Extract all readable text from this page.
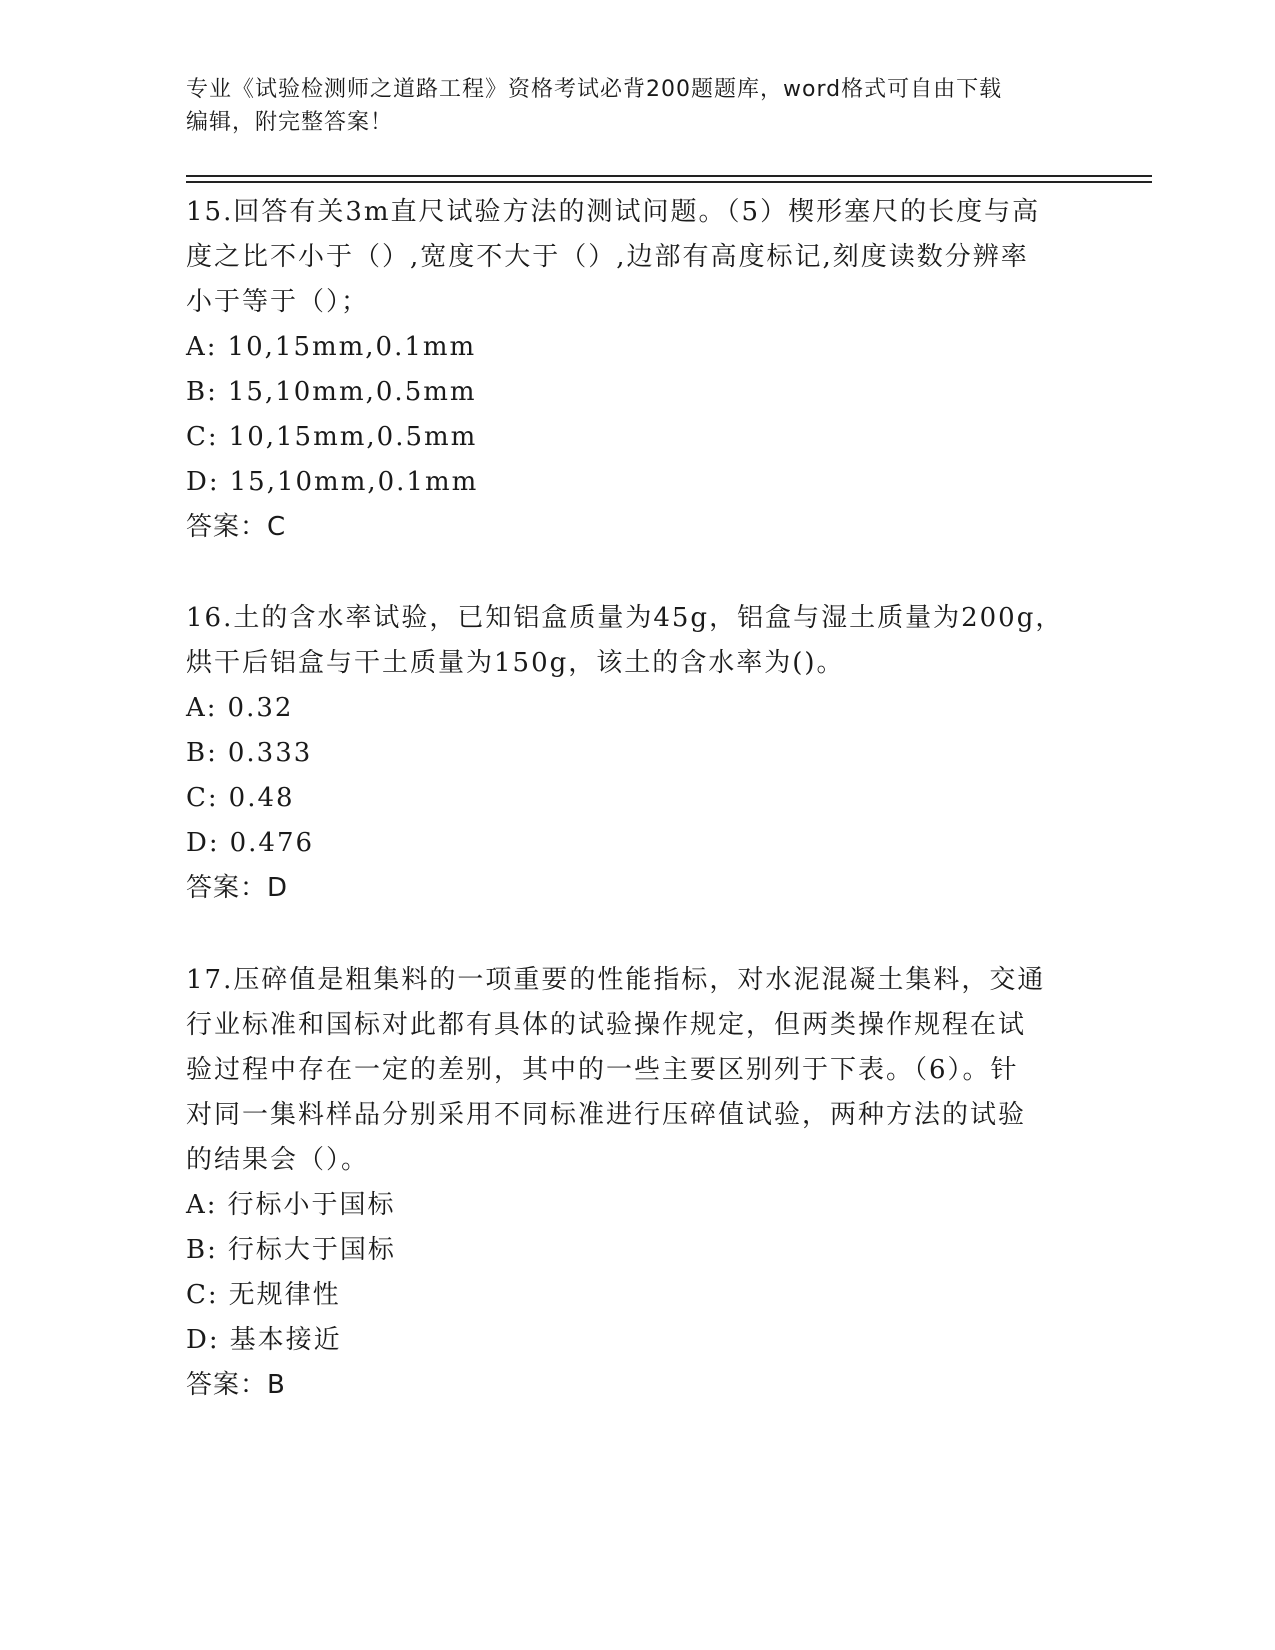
专业《试验检测师之道路工程》资格考试必背200题题库，word格式可自由下载
编辑，附完整答案！

15.回答有关3m直尺试验方法的测试问题。（5）楔形塞尺的长度与高

度之比不小于（）,宽度不大于（）,边部有高度标记,刻度读数分辨率

小于等于（）；

A: 10,15mm,0.1mm

B: 15,10mm,0.5mm

C: 10,15mm,0.5mm

D: 15,10mm,0.1mm

答案：C

16.土的含水率试验，已知铝盒质量为45g，铝盒与湿土质量为200g，

烘干后铝盒与干土质量为150g，该土的含水率为()。

A: 0.32

B: 0.333

C: 0.48

D: 0.476

答案：D

17.压碎值是粗集料的一项重要的性能指标，对水泥混凝土集料，交通

行业标准和国标对此都有具体的试验操作规定，但两类操作规程在试

验过程中存在一定的差别，其中的一些主要区别列于下表。（6）。针

对同一集料样品分别采用不同标准进行压碎值试验，两种方法的试验

的结果会（）。

A: 行标小于国标

B: 行标大于国标

C: 无规律性

D: 基本接近

答案：B
